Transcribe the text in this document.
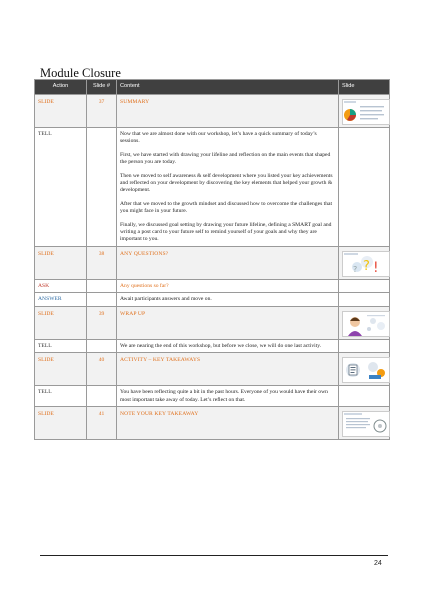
Module Closure
Action	Slide #	Content	Slide
SLIDE	37	SUMMARY	

TELL		Now that we are almost done with our workshop, let’s have a quick summary of today’s sessions.

First, we have started with drawing your lifeline and reflection on the main events that shaped the person you are today.

Then we moved to self awareness & self development where you listed your key achievements and reflected on your development by discovering the key elements that helped your growth & development.

After that we moved to the growth mindset and discussed how to overcome the challenges that you might face in your future.

Finally, we discussed goal setting by drawing your future lifeline, defining a SMART goal and writing a post card to your future self to remind yourself of your goals and why they are important to you.	

SLIDE	38	ANY QUESTIONS?	? !
?

ASK		Any questions so far?	
ANSWER		Await participants answers and move on.	
SLIDE	39	WRAP UP	

TELL		We are nearing the end of this workshop, but before we close, we will do one last activity.	
SLIDE	40	ACTIVITY – KEY TAKEAWAYS	

TELL		You have been reflecting quite a bit in the past hours. Everyone of you would have their own most important take away of today. Let’s reflect on that.	
SLIDE	41	NOTE YOUR KEY TAKEAWAY	
24
